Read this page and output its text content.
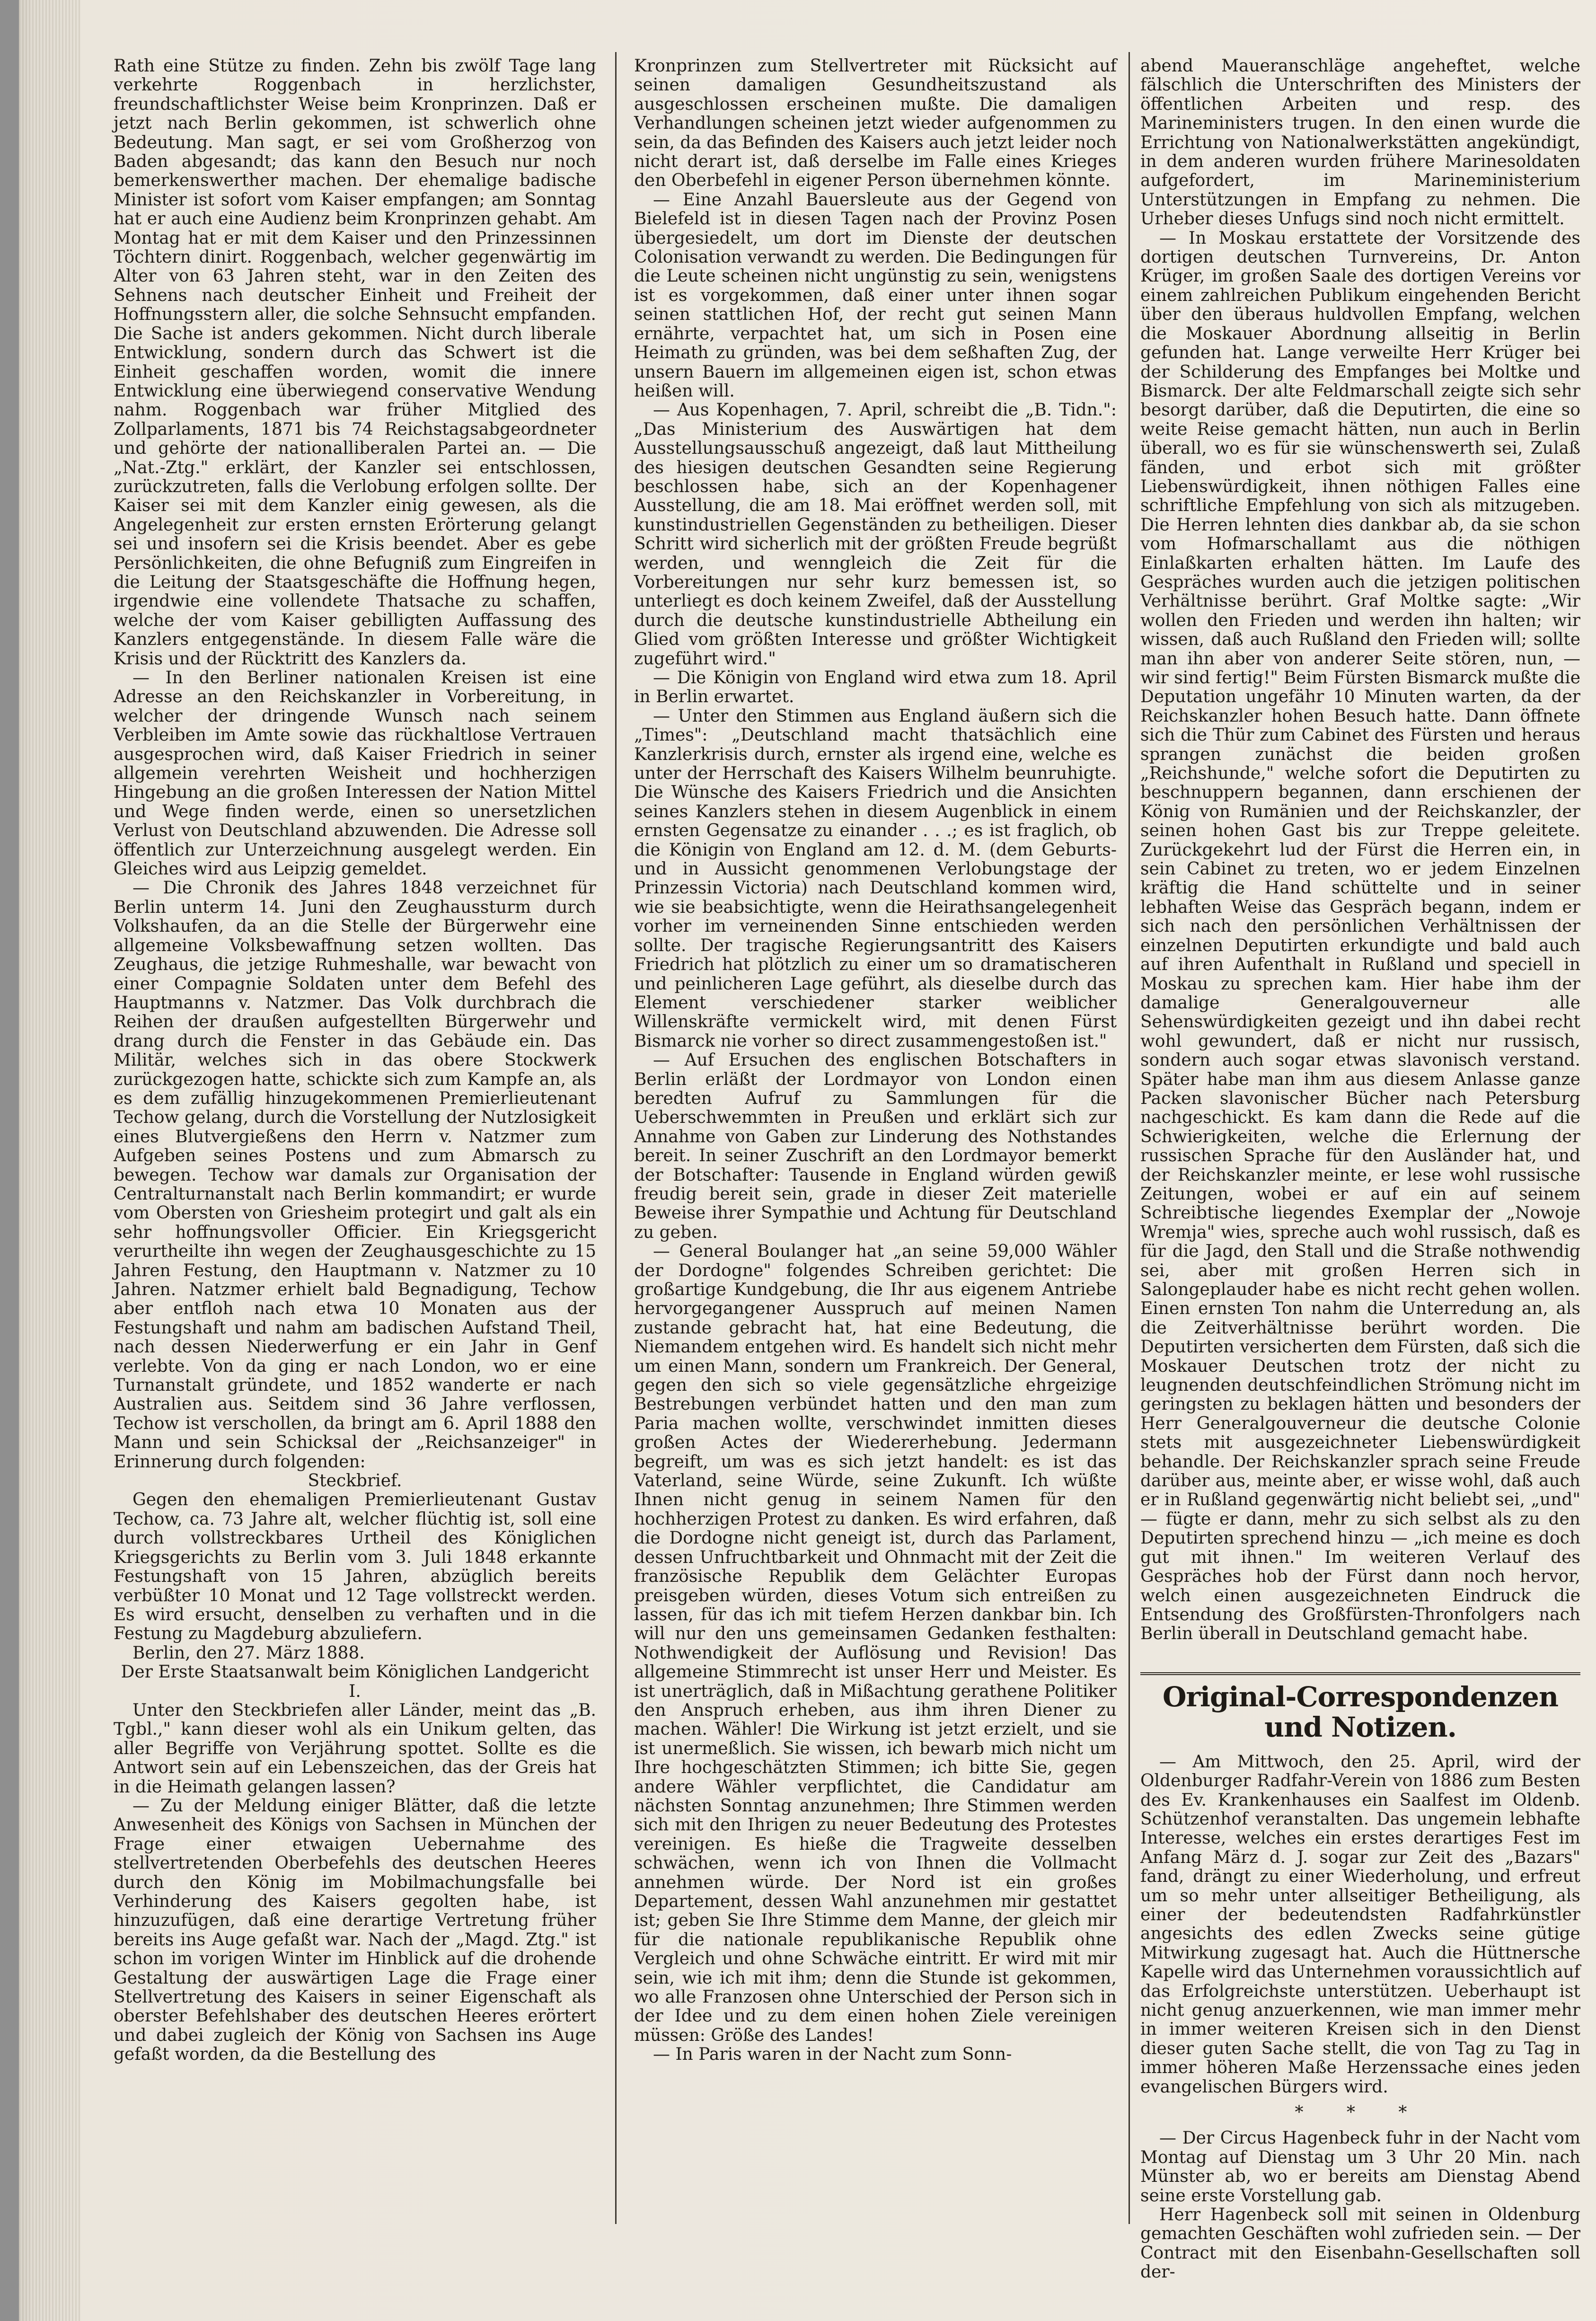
Rath eine Stütze zu finden. Zehn bis zwölf Tage lang verkehrte Roggenbach in herzlichster, freundschaftlichster Weise beim Kronprinzen. Daß er jetzt nach Berlin gekommen, ist schwerlich ohne Bedeutung. Man sagt, er sei vom Großherzog von Baden abgesandt; das kann den Besuch nur noch bemerkenswerther machen. Der ehemalige badische Minister ist sofort vom Kaiser empfangen; am Sonntag hat er auch eine Audienz beim Kronprinzen gehabt. Am Montag hat er mit dem Kaiser und den Prinzessinnen Töchtern dinirt. Roggenbach, welcher gegenwärtig im Alter von 63 Jahren steht, war in den Zeiten des Sehnens nach deutscher Einheit und Freiheit der Hoffnungsstern aller, die solche Sehnsucht empfanden. Die Sache ist anders gekommen. Nicht durch liberale Entwicklung, sondern durch das Schwert ist die Einheit geschaffen worden, womit die innere Entwicklung eine überwiegend conservative Wendung nahm. Roggenbach war früher Mitglied des Zollparlaments, 1871 bis 74 Reichstagsabgeordneter und gehörte der nationalliberalen Partei an. — Die „Nat.-Ztg." erklärt, der Kanzler sei entschlossen, zurückzutreten, falls die Verlobung erfolgen sollte. Der Kaiser sei mit dem Kanzler einig gewesen, als die Angelegenheit zur ersten ernsten Erörterung gelangt sei und insofern sei die Krisis beendet. Aber es gebe Persönlichkeiten, die ohne Befugniß zum Eingreifen in die Leitung der Staatsgeschäfte die Hoffnung hegen, irgendwie eine vollendete Thatsache zu schaffen, welche der vom Kaiser gebilligten Auffassung des Kanzlers entgegenstände. In diesem Falle wäre die Krisis und der Rücktritt des Kanzlers da.

— In den Berliner nationalen Kreisen ist eine Adresse an den Reichskanzler in Vorbereitung, in welcher der dringende Wunsch nach seinem Verbleiben im Amte sowie das rückhaltlose Vertrauen ausgesprochen wird, daß Kaiser Friedrich in seiner allgemein verehrten Weisheit und hochherzigen Hingebung an die großen Interessen der Nation Mittel und Wege finden werde, einen so unersetzlichen Verlust von Deutschland abzuwenden. Die Adresse soll öffentlich zur Unterzeichnung ausgelegt werden. Ein Gleiches wird aus Leipzig gemeldet.

— Die Chronik des Jahres 1848 verzeichnet für Berlin unterm 14. Juni den Zeughaussturm durch Volkshaufen, da an die Stelle der Bürgerwehr eine allgemeine Volksbewaffnung setzen wollten. Das Zeughaus, die jetzige Ruhmeshalle, war bewacht von einer Compagnie Soldaten unter dem Befehl des Hauptmanns v. Natzmer. Das Volk durchbrach die Reihen der draußen aufgestellten Bürgerwehr und drang durch die Fenster in das Gebäude ein. Das Militär, welches sich in das obere Stockwerk zurückgezogen hatte, schickte sich zum Kampfe an, als es dem zufällig hinzugekommenen Premierlieutenant Techow gelang, durch die Vorstellung der Nutzlosigkeit eines Blutvergießens den Herrn v. Natzmer zum Aufgeben seines Postens und zum Abmarsch zu bewegen. Techow war damals zur Organisation der Centralturnanstalt nach Berlin kommandirt; er wurde vom Obersten von Griesheim protegirt und galt als ein sehr hoffnungsvoller Officier. Ein Kriegsgericht verurtheilte ihn wegen der Zeughausgeschichte zu 15 Jahren Festung, den Hauptmann v. Natzmer zu 10 Jahren. Natzmer erhielt bald Begnadigung, Techow aber entfloh nach etwa 10 Monaten aus der Festungshaft und nahm am badischen Aufstand Theil, nach dessen Niederwerfung er ein Jahr in Genf verlebte. Von da ging er nach London, wo er eine Turnanstalt gründete, und 1852 wanderte er nach Australien aus. Seitdem sind 36 Jahre verflossen, Techow ist verschollen, da bringt am 6. April 1888 den Mann und sein Schicksal der „Reichsanzeiger" in Erinnerung durch folgenden:

Steckbrief.

Gegen den ehemaligen Premierlieutenant Gustav Techow, ca. 73 Jahre alt, welcher flüchtig ist, soll eine durch vollstreckbares Urtheil des Königlichen Kriegsgerichts zu Berlin vom 3. Juli 1848 erkannte Festungshaft von 15 Jahren, abzüglich bereits verbüßter 10 Monat und 12 Tage vollstreckt werden. Es wird ersucht, denselben zu verhaften und in die Festung zu Magdeburg abzuliefern.

Berlin, den 27. März 1888.

Der Erste Staatsanwalt beim Königlichen Landgericht I.

Unter den Steckbriefen aller Länder, meint das „B. Tgbl.," kann dieser wohl als ein Unikum gelten, das aller Begriffe von Verjährung spottet. Sollte es die Antwort sein auf ein Lebenszeichen, das der Greis hat in die Heimath gelangen lassen?

— Zu der Meldung einiger Blätter, daß die letzte Anwesenheit des Königs von Sachsen in München der Frage einer etwaigen Uebernahme des stellvertretenden Oberbefehls des deutschen Heeres durch den König im Mobilmachungsfalle bei Verhinderung des Kaisers gegolten habe, ist hinzuzufügen, daß eine derartige Vertretung früher bereits ins Auge gefaßt war. Nach der „Magd. Ztg." ist schon im vorigen Winter im Hinblick auf die drohende Gestaltung der auswärtigen Lage die Frage einer Stellvertretung des Kaisers in seiner Eigenschaft als oberster Befehlshaber des deutschen Heeres erörtert und dabei zugleich der König von Sachsen ins Auge gefaßt worden, da die Bestellung des

Kronprinzen zum Stellvertreter mit Rücksicht auf seinen damaligen Gesundheitszustand als ausgeschlossen erscheinen mußte. Die damaligen Verhandlungen scheinen jetzt wieder aufgenommen zu sein, da das Befinden des Kaisers auch jetzt leider noch nicht derart ist, daß derselbe im Falle eines Krieges den Oberbefehl in eigener Person übernehmen könnte.

— Eine Anzahl Bauersleute aus der Gegend von Bielefeld ist in diesen Tagen nach der Provinz Posen übergesiedelt, um dort im Dienste der deutschen Colonisation verwandt zu werden. Die Bedingungen für die Leute scheinen nicht ungünstig zu sein, wenigstens ist es vorgekommen, daß einer unter ihnen sogar seinen stattlichen Hof, der recht gut seinen Mann ernährte, verpachtet hat, um sich in Posen eine Heimath zu gründen, was bei dem seßhaften Zug, der unsern Bauern im allgemeinen eigen ist, schon etwas heißen will.

— Aus Kopenhagen, 7. April, schreibt die „B. Tidn.": „Das Ministerium des Auswärtigen hat dem Ausstellungsausschuß angezeigt, daß laut Mittheilung des hiesigen deutschen Gesandten seine Regierung beschlossen habe, sich an der Kopenhagener Ausstellung, die am 18. Mai eröffnet werden soll, mit kunstindustriellen Gegenständen zu betheiligen. Dieser Schritt wird sicherlich mit der größten Freude begrüßt werden, und wenngleich die Zeit für die Vorbereitungen nur sehr kurz bemessen ist, so unterliegt es doch keinem Zweifel, daß der Ausstellung durch die deutsche kunstindustrielle Abtheilung ein Glied vom größten Interesse und größter Wichtigkeit zugeführt wird."

— Die Königin von England wird etwa zum 18. April in Berlin erwartet.

— Unter den Stimmen aus England äußern sich die „Times": „Deutschland macht thatsächlich eine Kanzlerkrisis durch, ernster als irgend eine, welche es unter der Herrschaft des Kaisers Wilhelm beunruhigte. Die Wünsche des Kaisers Friedrich und die Ansichten seines Kanzlers stehen in diesem Augenblick in einem ernsten Gegensatze zu einander . . .; es ist fraglich, ob die Königin von England am 12. d. M. (dem Geburts- und in Aussicht genommenen Verlobungstage der Prinzessin Victoria) nach Deutschland kommen wird, wie sie beabsichtigte, wenn die Heirathsangelegenheit vorher im verneinenden Sinne entschieden werden sollte. Der tragische Regierungsantritt des Kaisers Friedrich hat plötzlich zu einer um so dramatischeren und peinlicheren Lage geführt, als dieselbe durch das Element verschiedener starker weiblicher Willenskräfte vermickelt wird, mit denen Fürst Bismarck nie vorher so direct zusammengestoßen ist."

— Auf Ersuchen des englischen Botschafters in Berlin erläßt der Lordmayor von London einen beredten Aufruf zu Sammlungen für die Ueberschwemmten in Preußen und erklärt sich zur Annahme von Gaben zur Linderung des Nothstandes bereit. In seiner Zuschrift an den Lordmayor bemerkt der Botschafter: Tausende in England würden gewiß freudig bereit sein, grade in dieser Zeit materielle Beweise ihrer Sympathie und Achtung für Deutschland zu geben.

— General Boulanger hat „an seine 59,000 Wähler der Dordogne" folgendes Schreiben gerichtet: Die großartige Kundgebung, die Ihr aus eigenem Antriebe hervorgegangener Ausspruch auf meinen Namen zustande gebracht hat, hat eine Bedeutung, die Niemandem entgehen wird. Es handelt sich nicht mehr um einen Mann, sondern um Frankreich. Der General, gegen den sich so viele gegensätzliche ehrgeizige Bestrebungen verbündet hatten und den man zum Paria machen wollte, verschwindet inmitten dieses großen Actes der Wiedererhebung. Jedermann begreift, um was es sich jetzt handelt: es ist das Vaterland, seine Würde, seine Zukunft. Ich wüßte Ihnen nicht genug in seinem Namen für den hochherzigen Protest zu danken. Es wird erfahren, daß die Dordogne nicht geneigt ist, durch das Parlament, dessen Unfruchtbarkeit und Ohnmacht mit der Zeit die französische Republik dem Gelächter Europas preisgeben würden, dieses Votum sich entreißen zu lassen, für das ich mit tiefem Herzen dankbar bin. Ich will nur den uns gemeinsamen Gedanken festhalten: Nothwendigkeit der Auflösung und Revision! Das allgemeine Stimmrecht ist unser Herr und Meister. Es ist unerträglich, daß in Mißachtung gerathene Politiker den Anspruch erheben, aus ihm ihren Diener zu machen. Wähler! Die Wirkung ist jetzt erzielt, und sie ist unermeßlich. Sie wissen, ich bewarb mich nicht um Ihre hochgeschätzten Stimmen; ich bitte Sie, gegen andere Wähler verpflichtet, die Candidatur am nächsten Sonntag anzunehmen; Ihre Stimmen werden sich mit den Ihrigen zu neuer Bedeutung des Protestes vereinigen. Es hieße die Tragweite desselben schwächen, wenn ich von Ihnen die Vollmacht annehmen würde. Der Nord ist ein großes Departement, dessen Wahl anzunehmen mir gestattet ist; geben Sie Ihre Stimme dem Manne, der gleich mir für die nationale republikanische Republik ohne Vergleich und ohne Schwäche eintritt. Er wird mit mir sein, wie ich mit ihm; denn die Stunde ist gekommen, wo alle Franzosen ohne Unterschied der Person sich in der Idee und zu dem einen hohen Ziele vereinigen müssen: Größe des Landes!

— In Paris waren in der Nacht zum Sonn-

abend Maueranschläge angeheftet, welche fälschlich die Unterschriften des Ministers der öffentlichen Arbeiten und resp. des Marineministers trugen. In den einen wurde die Errichtung von Nationalwerkstätten angekündigt, in dem anderen wurden frühere Marinesoldaten aufgefordert, im Marineministerium Unterstützungen in Empfang zu nehmen. Die Urheber dieses Unfugs sind noch nicht ermittelt.

— In Moskau erstattete der Vorsitzende des dortigen deutschen Turnvereins, Dr. Anton Krüger, im großen Saale des dortigen Vereins vor einem zahlreichen Publikum eingehenden Bericht über den überaus huldvollen Empfang, welchen die Moskauer Abordnung allseitig in Berlin gefunden hat. Lange verweilte Herr Krüger bei der Schilderung des Empfanges bei Moltke und Bismarck. Der alte Feldmarschall zeigte sich sehr besorgt darüber, daß die Deputirten, die eine so weite Reise gemacht hätten, nun auch in Berlin überall, wo es für sie wünschenswerth sei, Zulaß fänden, und erbot sich mit größter Liebenswürdigkeit, ihnen nöthigen Falles eine schriftliche Empfehlung von sich als mitzugeben. Die Herren lehnten dies dankbar ab, da sie schon vom Hofmarschallamt aus die nöthigen Einlaßkarten erhalten hätten. Im Laufe des Gespräches wurden auch die jetzigen politischen Verhältnisse berührt. Graf Moltke sagte: „Wir wollen den Frieden und werden ihn halten; wir wissen, daß auch Rußland den Frieden will; sollte man ihn aber von anderer Seite stören, nun, — wir sind fertig!" Beim Fürsten Bismarck mußte die Deputation ungefähr 10 Minuten warten, da der Reichskanzler hohen Besuch hatte. Dann öffnete sich die Thür zum Cabinet des Fürsten und heraus sprangen zunächst die beiden großen „Reichshunde," welche sofort die Deputirten zu beschnuppern begannen, dann erschienen der König von Rumänien und der Reichskanzler, der seinen hohen Gast bis zur Treppe geleitete. Zurückgekehrt lud der Fürst die Herren ein, in sein Cabinet zu treten, wo er jedem Einzelnen kräftig die Hand schüttelte und in seiner lebhaften Weise das Gespräch begann, indem er sich nach den persönlichen Verhältnissen der einzelnen Deputirten erkundigte und bald auch auf ihren Aufenthalt in Rußland und speciell in Moskau zu sprechen kam. Hier habe ihm der damalige Generalgouverneur alle Sehenswürdigkeiten gezeigt und ihn dabei recht wohl gewundert, daß er nicht nur russisch, sondern auch sogar etwas slavonisch verstand. Später habe man ihm aus diesem Anlasse ganze Packen slavonischer Bücher nach Petersburg nachgeschickt. Es kam dann die Rede auf die Schwierigkeiten, welche die Erlernung der russischen Sprache für den Ausländer hat, und der Reichskanzler meinte, er lese wohl russische Zeitungen, wobei er auf ein auf seinem Schreibtische liegendes Exemplar der „Nowoje Wremja" wies, spreche auch wohl russisch, daß es für die Jagd, den Stall und die Straße nothwendig sei, aber mit großen Herren sich in Salongeplauder habe es nicht recht gehen wollen. Einen ernsten Ton nahm die Unterredung an, als die Zeitverhältnisse berührt worden. Die Deputirten versicherten dem Fürsten, daß sich die Moskauer Deutschen trotz der nicht zu leugnenden deutschfeindlichen Strömung nicht im geringsten zu beklagen hätten und besonders der Herr Generalgouverneur die deutsche Colonie stets mit ausgezeichneter Liebenswürdigkeit behandle. Der Reichskanzler sprach seine Freude darüber aus, meinte aber, er wisse wohl, daß auch er in Rußland gegenwärtig nicht beliebt sei, „und" — fügte er dann, mehr zu sich selbst als zu den Deputirten sprechend hinzu — „ich meine es doch gut mit ihnen." Im weiteren Verlauf des Gespräches hob der Fürst dann noch hervor, welch einen ausgezeichneten Eindruck die Entsendung des Großfürsten-Thronfolgers nach Berlin überall in Deutschland gemacht habe.

Original-Correspondenzen und Notizen.

— Am Mittwoch, den 25. April, wird der Oldenburger Radfahr-Verein von 1886 zum Besten des Ev. Krankenhauses ein Saalfest im Oldenb. Schützenhof veranstalten. Das ungemein lebhafte Interesse, welches ein erstes derartiges Fest im Anfang März d. J. sogar zur Zeit des „Bazars" fand, drängt zu einer Wiederholung, und erfreut um so mehr unter allseitiger Betheiligung, als einer der bedeutendsten Radfahrkünstler angesichts des edlen Zwecks seine gütige Mitwirkung zugesagt hat. Auch die Hüttnersche Kapelle wird das Unternehmen voraussichtlich auf das Erfolgreichste unterstützen. Ueberhaupt ist nicht genug anzuerkennen, wie man immer mehr in immer weiteren Kreisen sich in den Dienst dieser guten Sache stellt, die von Tag zu Tag in immer höheren Maße Herzenssache eines jeden evangelischen Bürgers wird.

* * *

— Der Circus Hagenbeck fuhr in der Nacht vom Montag auf Dienstag um 3 Uhr 20 Min. nach Münster ab, wo er bereits am Dienstag Abend seine erste Vorstellung gab.

Herr Hagenbeck soll mit seinen in Oldenburg gemachten Geschäften wohl zufrieden sein. — Der Contract mit den Eisenbahn-Gesellschaften soll der-
